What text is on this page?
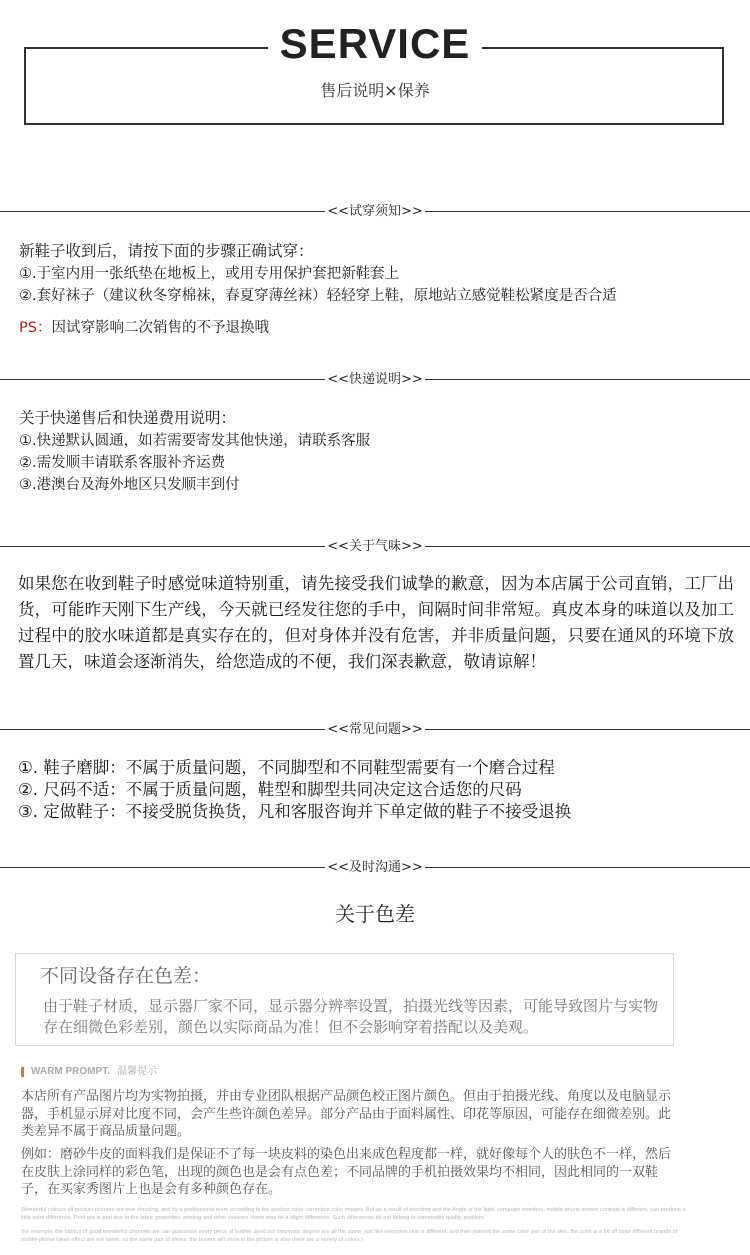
SERVICE
售后说明×保养
<<试穿须知>>
新鞋子收到后，请按下面的步骤正确试穿：
①.于室内用一张纸垫在地板上，或用专用保护套把新鞋套上
②.套好袜子（建议秋冬穿棉袜，春夏穿薄丝袜）轻轻穿上鞋，原地站立感觉鞋松紧度是否合适
PS：因试穿影响二次销售的不予退换哦
<<快递说明>>
关于快递售后和快递费用说明：
①.快递默认圆通，如若需要寄发其他快递，请联系客服
②.需发顺丰请联系客服补齐运费
③.港澳台及海外地区只发顺丰到付
<<关于气味>>
如果您在收到鞋子时感觉味道特别重，请先接受我们诚挚的歉意，因为本店属于公司直销，工厂出货，可能昨天刚下生产线，今天就已经发往您的手中，间隔时间非常短。真皮本身的味道以及加工过程中的胶水味道都是真实存在的，但对身体并没有危害，并非质量问题，只要在通风的环境下放置几天，味道会逐渐消失，给您造成的不便，我们深表歉意，敬请谅解！
<<常见问题>>
①. 鞋子磨脚：不属于质量问题，不同脚型和不同鞋型需要有一个磨合过程
②. 尺码不适：不属于质量问题，鞋型和脚型共同决定这合适您的尺码
③. 定做鞋子：不接受脱货换货，凡和客服咨询并下单定做的鞋子不接受退换
<<及时沟通>>
关于色差
不同设备存在色差：
由于鞋子材质，显示器厂家不同，显示器分辨率设置，拍摄光线等因素，可能导致图片与实物存在细微色彩差别，颜色以实际商品为准！但不会影响穿着搭配以及美观。
WARM PROMPT. 温馨提示
本店所有产品图片均为实物拍摄，并由专业团队根据产品颜色校正图片颜色。但由于拍摄光线、角度以及电脑显示器，手机显示屏对比度不同，会产生些许颜色差异。部分产品由于面料属性、印花等原因，可能存在细微差别。此类差异不属于商品质量问题。
例如：磨砂牛皮的面料我们是保证不了每一块皮料的染色出来成色程度都一样，就好像每个人的肤色不一样，然后在皮肤上涂同样的彩色笔，出现的颜色也是会有点色差；不同品牌的手机拍摄效果均不相同，因此相同的一双鞋子，在买家秀图片上也是会有多种颜色存在。
Wonderful colours all product pictures are true shooting, and by a professional team according to the product color correction color images. But as a result of shooting and the Angle of the light, computer monitors, mobile phone screen contrast is different, can produce a little color difference. Print are in part due to the fabric properties, printing and other reasons, there may be a slight difference. Such differences do not belong to commodity quality problem.
(for example, the fabrics of good wonderful channels we can guarantee every piece of leather dyed out chromatic degree are all the same, just like everyone skin is different, and then painted the same color pen of the skin, the color is a bit off color different brands of mobile phone taken effect are not same, so the same pair of shoes, the buyers will show in the picture is also there are a variety of colors.)
